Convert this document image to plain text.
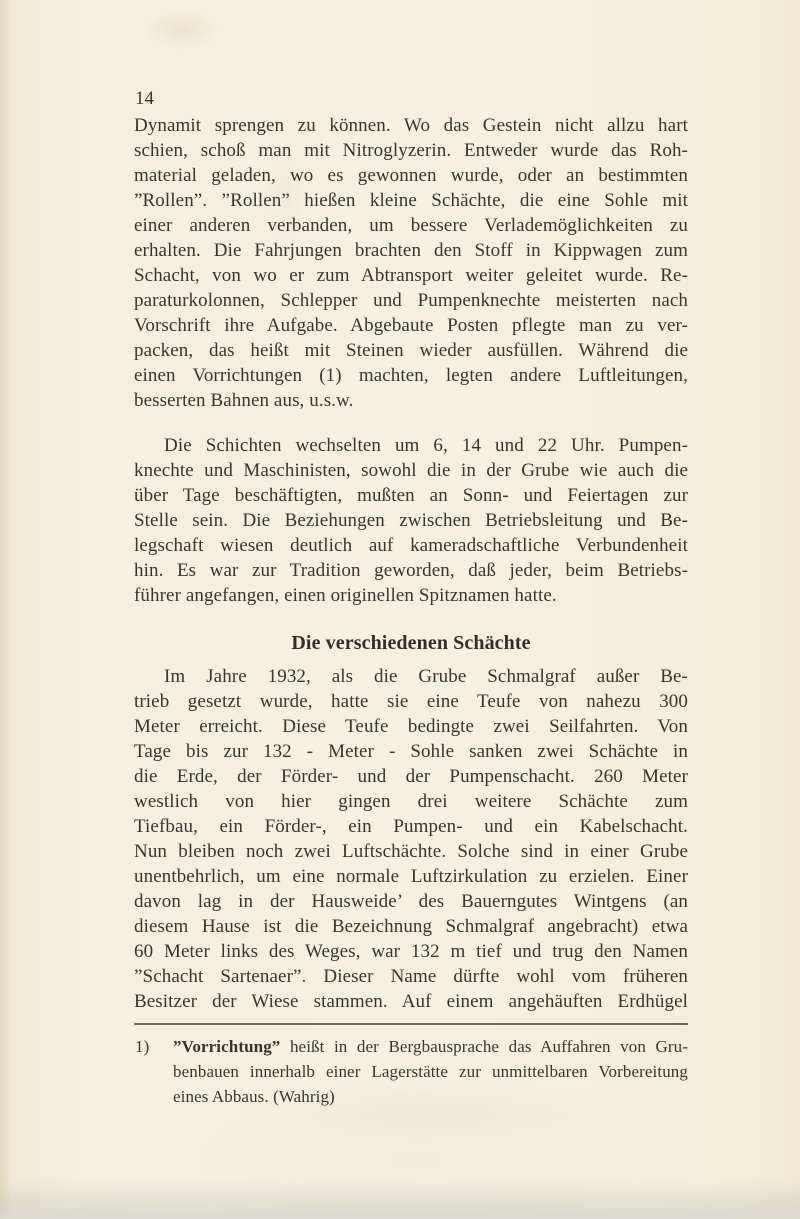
14
Dynamit sprengen zu können. Wo das Gestein nicht allzu hart
schien, schoß man mit Nitroglyzerin. Entweder wurde das Roh-
material geladen, wo es gewonnen wurde, oder an bestimmten
”Rollen”. ”Rollen” hießen kleine Schächte, die eine Sohle mit
einer anderen verbanden, um bessere Verlademöglichkeiten zu
erhalten. Die Fahrjungen brachten den Stoff in Kippwagen zum
Schacht, von wo er zum Abtransport weiter geleitet wurde. Re-
paraturkolonnen, Schlepper und Pumpenknechte meisterten nach
Vorschrift ihre Aufgabe. Abgebaute Posten pflegte man zu ver-
packen, das heißt mit Steinen wieder ausfüllen. Während die
einen Vorrichtungen (1) machten, legten andere Luftleitungen,
besserten Bahnen aus, u.s.w.
Die Schichten wechselten um 6, 14 und 22 Uhr. Pumpen-
knechte und Maschinisten, sowohl die in der Grube wie auch die
über Tage beschäftigten, mußten an Sonn- und Feiertagen zur
Stelle sein. Die Beziehungen zwischen Betriebsleitung und Be-
legschaft wiesen deutlich auf kameradschaftliche Verbundenheit
hin. Es war zur Tradition geworden, daß jeder, beim Betriebs-
führer angefangen, einen originellen Spitznamen hatte.
Die verschiedenen Schächte
Im Jahre 1932, als die Grube Schmalgraf außer Be-
trieb gesetzt wurde, hatte sie eine Teufe von nahezu 300
Meter erreicht. Diese Teufe bedingte zwei Seilfahrten. Von
Tage bis zur 132 - Meter - Sohle sanken zwei Schächte in
die Erde, der Förder- und der Pumpenschacht. 260 Meter
westlich von hier gingen drei weitere Schächte zum
Tiefbau, ein Förder-, ein Pumpen- und ein Kabelschacht.
Nun bleiben noch zwei Luftschächte. Solche sind in einer Grube
unentbehrlich, um eine normale Luftzirkulation zu erzielen. Einer
davon lag in der Hausweide’ des Bauerngutes Wintgens (an
diesem Hause ist die Bezeichnung Schmalgraf angebracht) etwa
60 Meter links des Weges, war 132 m tief und trug den Namen
”Schacht Sartenaer”. Dieser Name dürfte wohl vom früheren
Besitzer der Wiese stammen. Auf einem angehäuften Erdhügel
1) ”Vorrichtung” heißt in der Bergbausprache das Auffahren von Gru-
benbauen innerhalb einer Lagerstätte zur unmittelbaren Vorbereitung
eines Abbaus. (Wahrig)
